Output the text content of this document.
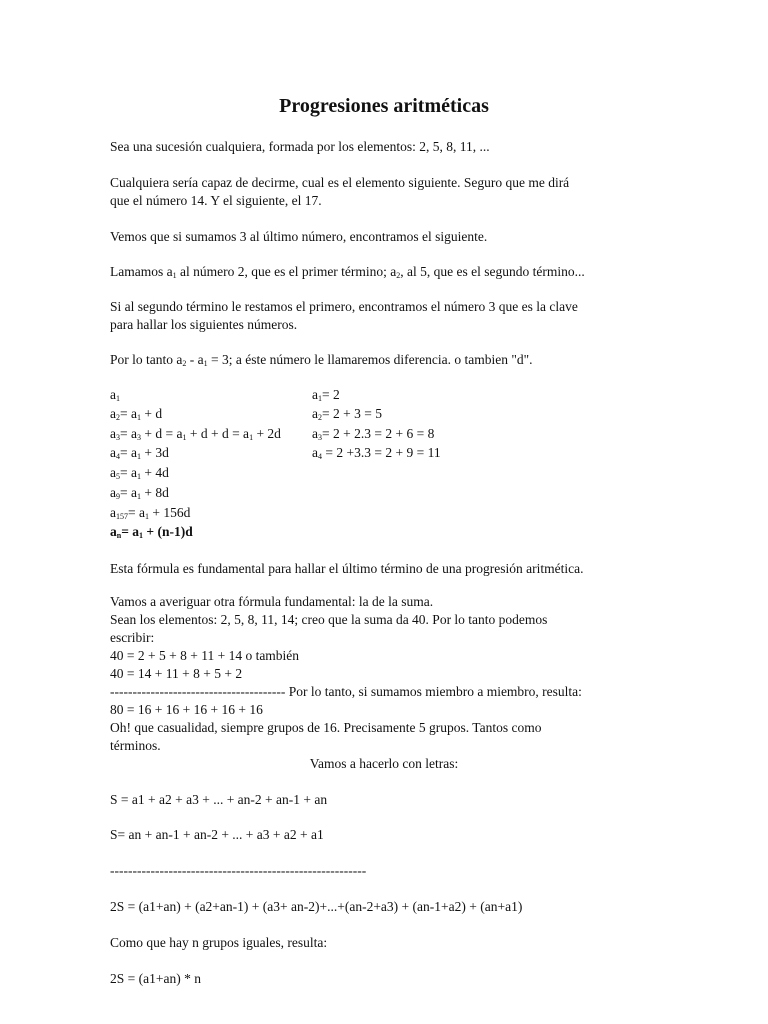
Progresiones aritméticas
Sea una sucesión cualquiera, formada por los elementos: 2, 5, 8, 11, ...
Cualquiera sería capaz de decirme, cual es el elemento siguiente. Seguro que me dirá
que el número 14. Y el siguiente, el 17.
Vemos que si sumamos 3 al último número, encontramos el siguiente.
Lamamos $a_1$ al número 2, que es el primer término; $a_2$, al 5, que es el segundo término...
Si al segundo término le restamos el primero, encontramos el número 3 que es la clave
para hallar los siguientes números.
Por lo tanto $a_2 - a_1 = 3$; a éste número le llamaremos diferencia. o tambien "d".
$a_1$
$a_2= a_1 + d$
$a_3= a_3 + d = a_1 + d + d = a_1 + 2d$
$a_4= a_1 + 3d$
$a_5= a_1 + 4d$
$a_9= a_1 + 8d$
$a_{157}= a_1 + 156d$
$a_n= a_1 + (n-1)d$
$a_1= 2$
$a_2= 2 + 3 = 5$
$a_3= 2 + 2.3 = 2 + 6 = 8$
$a_4 = 2 +3.3 = 2 + 9 = 11$
Esta fórmula es fundamental para hallar el último término de una progresión aritmética.
Vamos a averiguar otra fórmula fundamental: la de la suma.
Sean los elementos: 2, 5, 8, 11, 14; creo que la suma da 40. Por lo tanto podemos
escribir:
40 = 2 + 5 + 8 + 11 + 14 o también
40 = 14 + 11 + 8 + 5 + 2
--------------------------------------- Por lo tanto, si sumamos miembro a miembro, resulta:
80 = 16 + 16 + 16 + 16 + 16
Oh! que casualidad, siempre grupos de 16. Precisamente 5 grupos. Tantos como
términos.
Vamos a hacerlo con letras:
S = a1 + a2 + a3 + ... + an-2 + an-1 + an
S= an + an-1 + an-2 + ... + a3 + a2 + a1
---------------------------------------------------------
2S = (a1+an) + (a2+an-1) + (a3+ an-2)+...+(an-2+a3) + (an-1+a2) + (an+a1)
Como que hay n grupos iguales, resulta:
2S = (a1+an) * n
